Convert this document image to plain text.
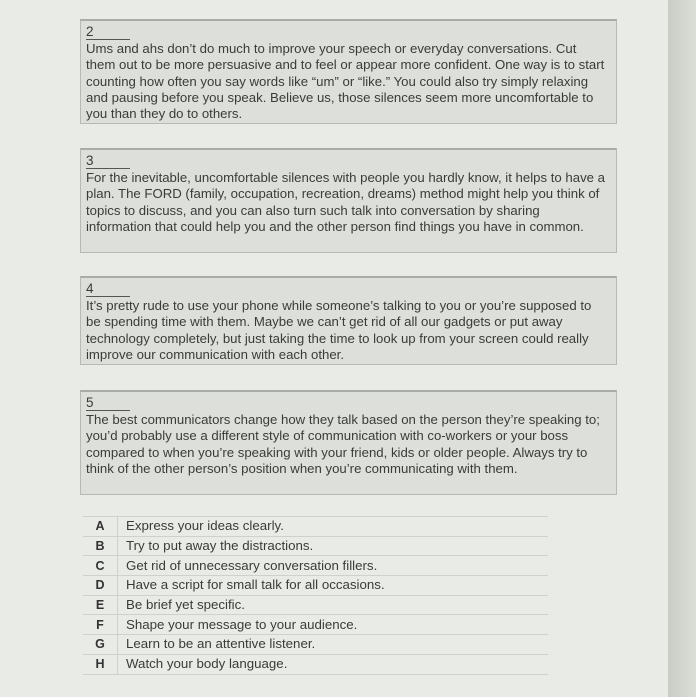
2

Ums and ahs don’t do much to improve your speech or everyday conversations. Cut them out to be more persuasive and to feel or appear more confident. One way is to start counting how often you say words like “um” or “like.” You could also try simply relaxing and pausing before you speak. Believe us, those silences seem more uncomfortable to you than they do to others.

3

For the inevitable, uncomfortable silences with people you hardly know, it helps to have a plan. The FORD (family, occupation, recreation, dreams) method might help you think of topics to discuss, and you can also turn such talk into conversation by sharing information that could help you and the other person find things you have in common.

4

It’s pretty rude to use your phone while someone’s talking to you or you’re supposed to be spending time with them. Maybe we can’t get rid of all our gadgets or put away technology completely, but just taking the time to look up from your screen could really improve our communication with each other.

5

The best communicators change how they talk based on the person they’re speaking to; you’d probably use a different style of communication with co-workers or your boss compared to when you’re speaking with your friend, kids or older people. Always try to think of the other person’s position when you’re communicating with them.

A	Express your ideas clearly.
B	Try to put away the distractions.
C	Get rid of unnecessary conversation fillers.
D	Have a script for small talk for all occasions.
E	Be brief yet specific.
F	Shape your message to your audience.
G	Learn to be an attentive listener.
H	Watch your body language.
